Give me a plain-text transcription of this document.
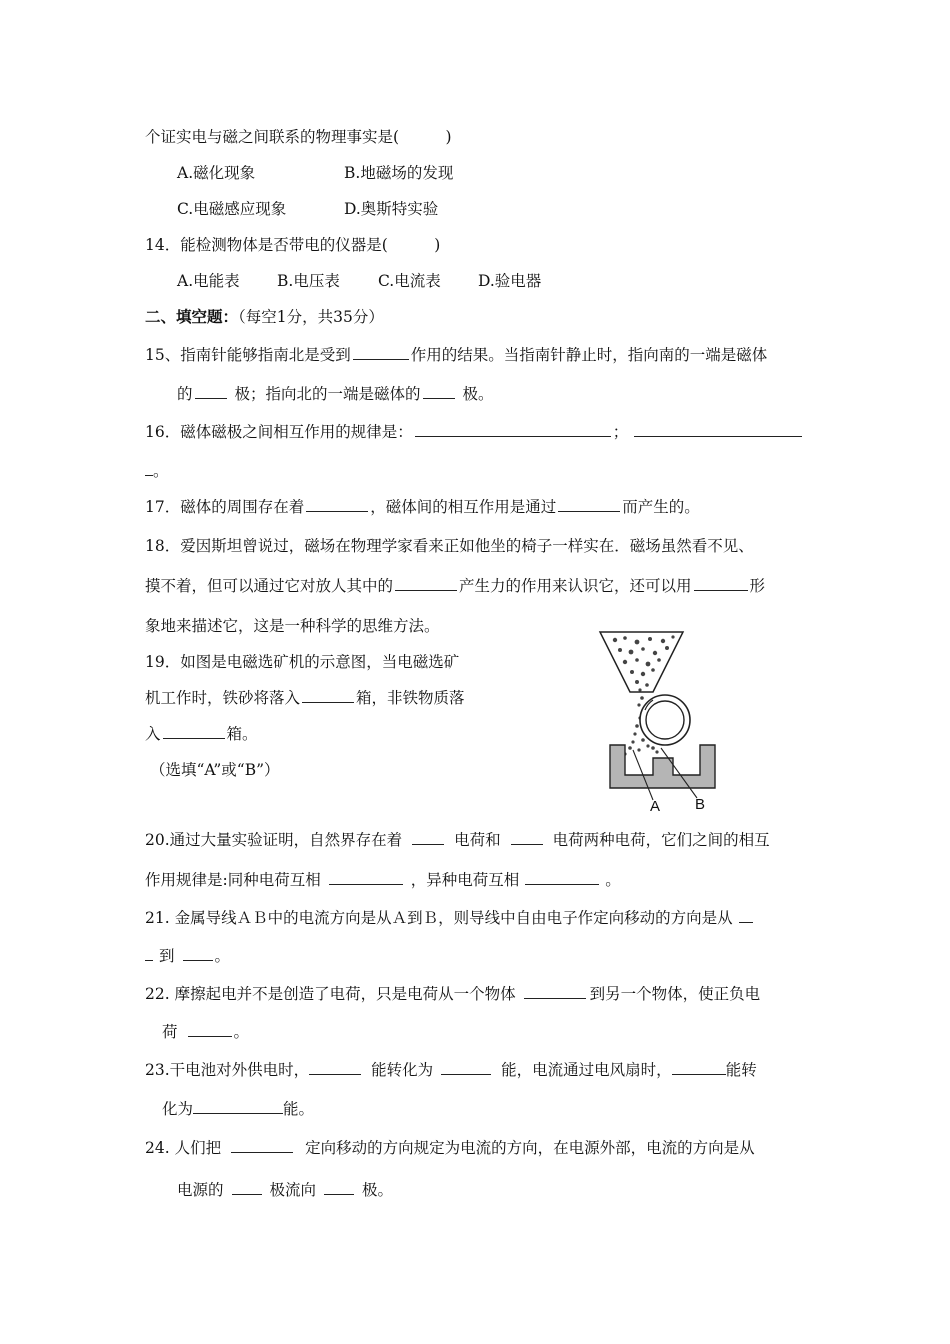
个证实电与磁之间联系的物理事实是(　　　)
A.磁化现象	B.地磁场的发现
C.电磁感应现象	D.奥斯特实验
14．能检测物体是否带电的仪器是(　　　)
A.电能表 B.电压表 C.电流表 D.验电器
二、填空题：（每空1分，共35分）
15、指南针能够指南北是受到	作用的结果。当指南针静止时，指向南的一端是磁体
的	极；指向北的一端是磁体的	极。
16．磁体磁极之间相互作用的规律是：	；
。
17．磁体的周围存在着	，磁体间的相互作用是通过	而产生的。
18．爱因斯坦曾说过，磁场在物理学家看来正如他坐的椅子一样实在．磁场虽然看不见、
摸不着，但可以通过它对放人其中的	产生力的作用来认识它，还可以用	形
象地来描述它，这是一种科学的思维方法。
19．如图是电磁选矿机的示意图，当电磁选矿
机工作时，铁砂将落入	箱，非铁物质落
入	箱。
（选填“A”或“B”）
A B
20.通过大量实验证明，自然界存在着	电荷和	电荷两种电荷，它们之间的相互
作用规律是:同种电荷互相	，异种电荷互相	。
21. 金属导线ＡＢ中的电流方向是从Ａ到Ｂ，则导线中自由电子作定向移动的方向是从
到	。
22. 摩擦起电并不是创造了电荷，只是电荷从一个物体	到另一个物体，使正负电
荷	。
23.干电池对外供电时，	能转化为	能，电流通过电风扇时，	能转
化为	能。
24. 人们把	定向移动的方向规定为电流的方向，在电源外部，电流的方向是从
电源的	极流向	极。
